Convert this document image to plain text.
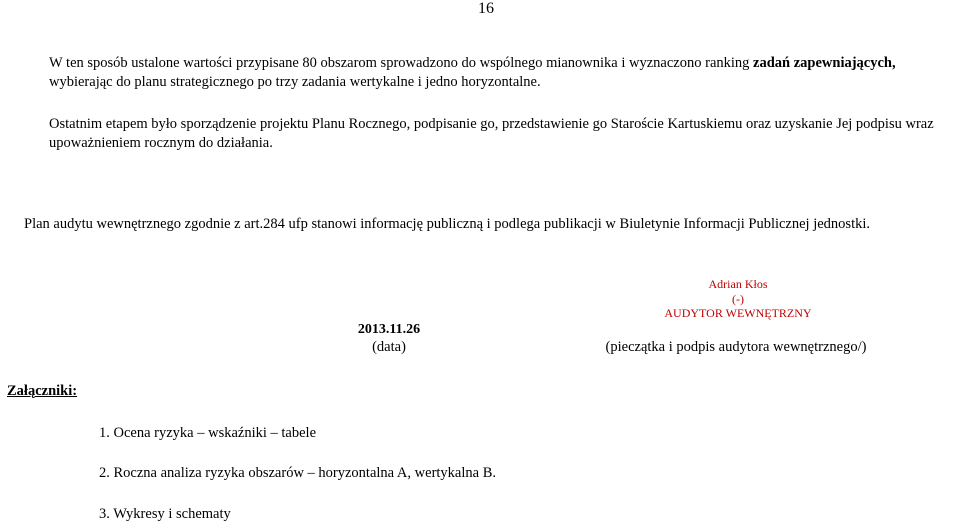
16
W ten sposób ustalone wartości przypisane 80 obszarom sprowadzono do wspólnego mianownika i wyznaczono ranking zadań zapewniających,
wybierając do planu strategicznego po trzy zadania wertykalne i jedno horyzontalne.
Ostatnim etapem było sporządzenie projektu Planu Rocznego, podpisanie go, przedstawienie go Staroście Kartuskiemu oraz uzyskanie Jej podpisu wraz
upoważnieniem rocznym do działania.
Plan audytu wewnętrznego zgodnie z art.284 ufp stanowi informację publiczną i podlega publikacji w Biuletynie Informacji Publicznej jednostki.
Adrian Kłos
(-)
AUDYTOR WEWNĘTRZNY
2013.11.26
(data)	(pieczątka i podpis audytora wewnętrznego/)
Załączniki:
1. Ocena ryzyka – wskaźniki – tabele
2. Roczna analiza ryzyka obszarów – horyzontalna A, wertykalna B.
3. Wykresy i schematy
